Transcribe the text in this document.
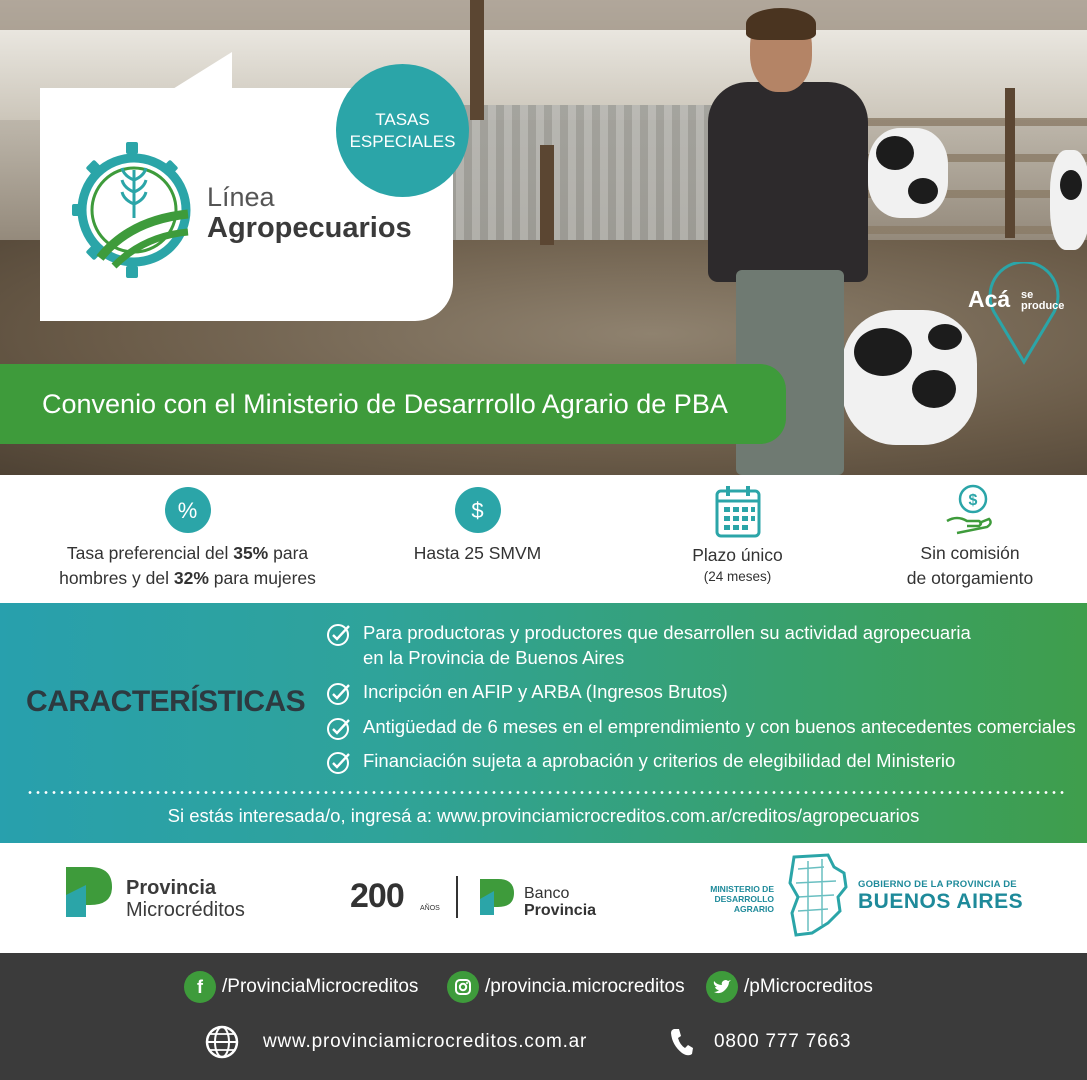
TASAS
ESPECIALES
Línea
Agropecuarios
Acá se
produce
Convenio con el Ministerio de Desarrrollo Agrario de PBA
%
Tasa preferencial del 35% para
hombres y del 32% para mujeres
$
Hasta 25 SMVM	Plazo único
(24 meses)
$
Sin comisión
de otorgamiento
CARACTERÍSTICAS
Para productoras y productores que desarrollen su actividad agropecuaria
en la Provincia de Buenos Aires
Incripción en AFIP y ARBA (Ingresos Brutos)
Antigüedad de 6 meses en el emprendimiento y con buenos antecedentes comerciales
Financiación sujeta a aprobación y criterios de elegibilidad del Ministerio
Si estás interesada/o, ingresá a: www.provinciamicrocreditos.com.ar/creditos/agropecuarios
Provincia
Microcréditos	200 AÑOS
Banco
Provincia
MINISTERIO DE
DESARROLLO AGRARIO
GOBIERNO DE LA PROVINCIA DE
BUENOS AIRES
f	/ProvinciaMicrocreditos	/provincia.microcreditos	/pMicrocreditos
www.provinciamicrocreditos.com.ar	0800 777 7663
